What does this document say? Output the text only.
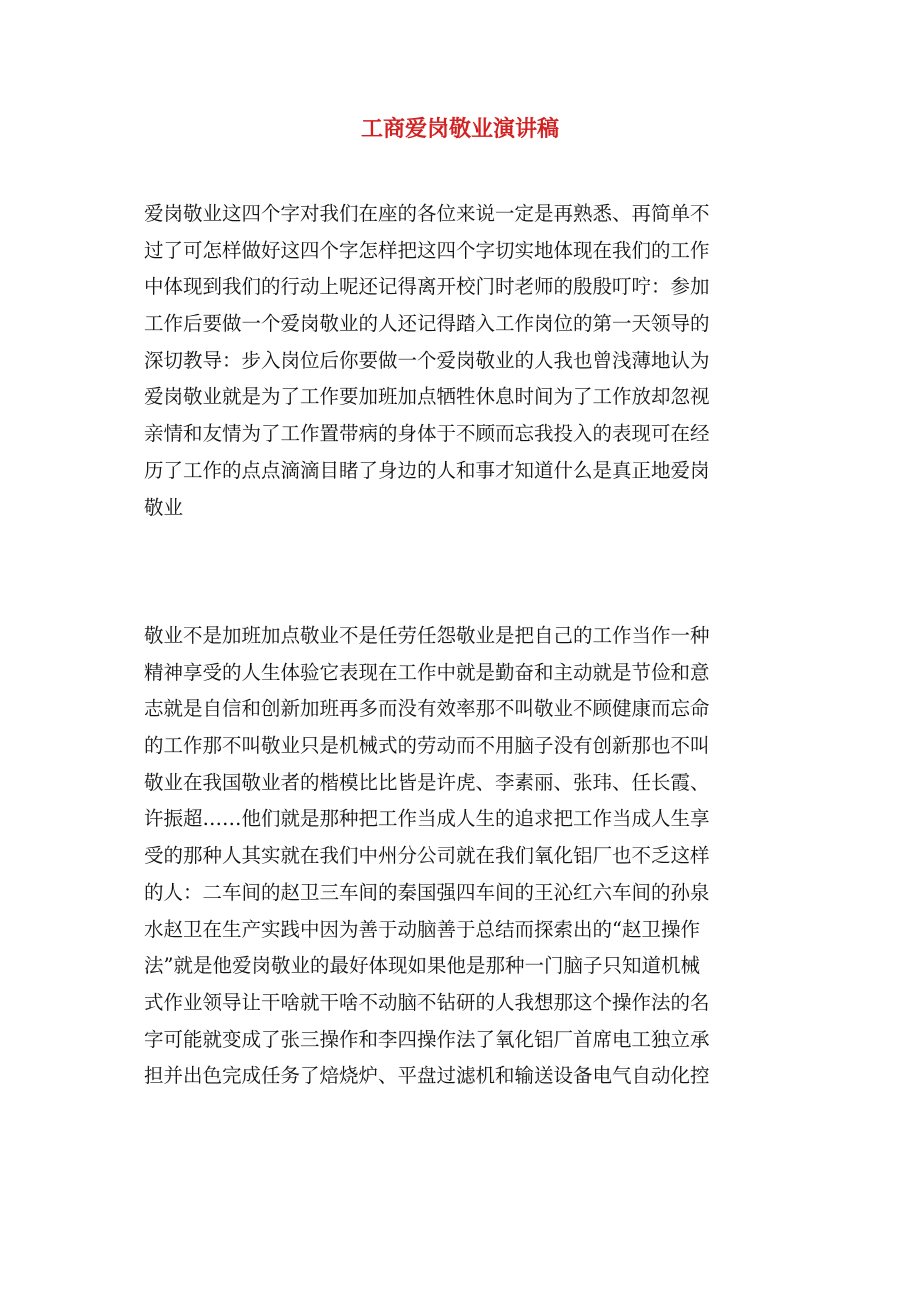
工商爱岗敬业演讲稿
爱岗敬业这四个字对我们在座的各位来说一定是再熟悉、再简单不
过了可怎样做好这四个字怎样把这四个字切实地体现在我们的工作
中体现到我们的行动上呢还记得离开校门时老师的殷殷叮咛：参加
工作后要做一个爱岗敬业的人还记得踏入工作岗位的第一天领导的
深切教导：步入岗位后你要做一个爱岗敬业的人我也曾浅薄地认为
爱岗敬业就是为了工作要加班加点牺牲休息时间为了工作放却忽视
亲情和友情为了工作置带病的身体于不顾而忘我投入的表现可在经
历了工作的点点滴滴目睹了身边的人和事才知道什么是真正地爱岗
敬业
敬业不是加班加点敬业不是任劳任怨敬业是把自己的工作当作一种
精神享受的人生体验它表现在工作中就是勤奋和主动就是节俭和意
志就是自信和创新加班再多而没有效率那不叫敬业不顾健康而忘命
的工作那不叫敬业只是机械式的劳动而不用脑子没有创新那也不叫
敬业在我国敬业者的楷模比比皆是许虎、李素丽、张玮、任长霞、
许振超……他们就是那种把工作当成人生的追求把工作当成人生享
受的那种人其实就在我们中州分公司就在我们氧化铝厂也不乏这样
的人：二车间的赵卫三车间的秦国强四车间的王沁红六车间的孙泉
水赵卫在生产实践中因为善于动脑善于总结而探索出的“赵卫操作
法”就是他爱岗敬业的最好体现如果他是那种一门脑子只知道机械
式作业领导让干啥就干啥不动脑不钻研的人我想那这个操作法的名
字可能就变成了张三操作和李四操作法了氧化铝厂首席电工独立承
担并出色完成任务了焙烧炉、平盘过滤机和输送设备电气自动化控
